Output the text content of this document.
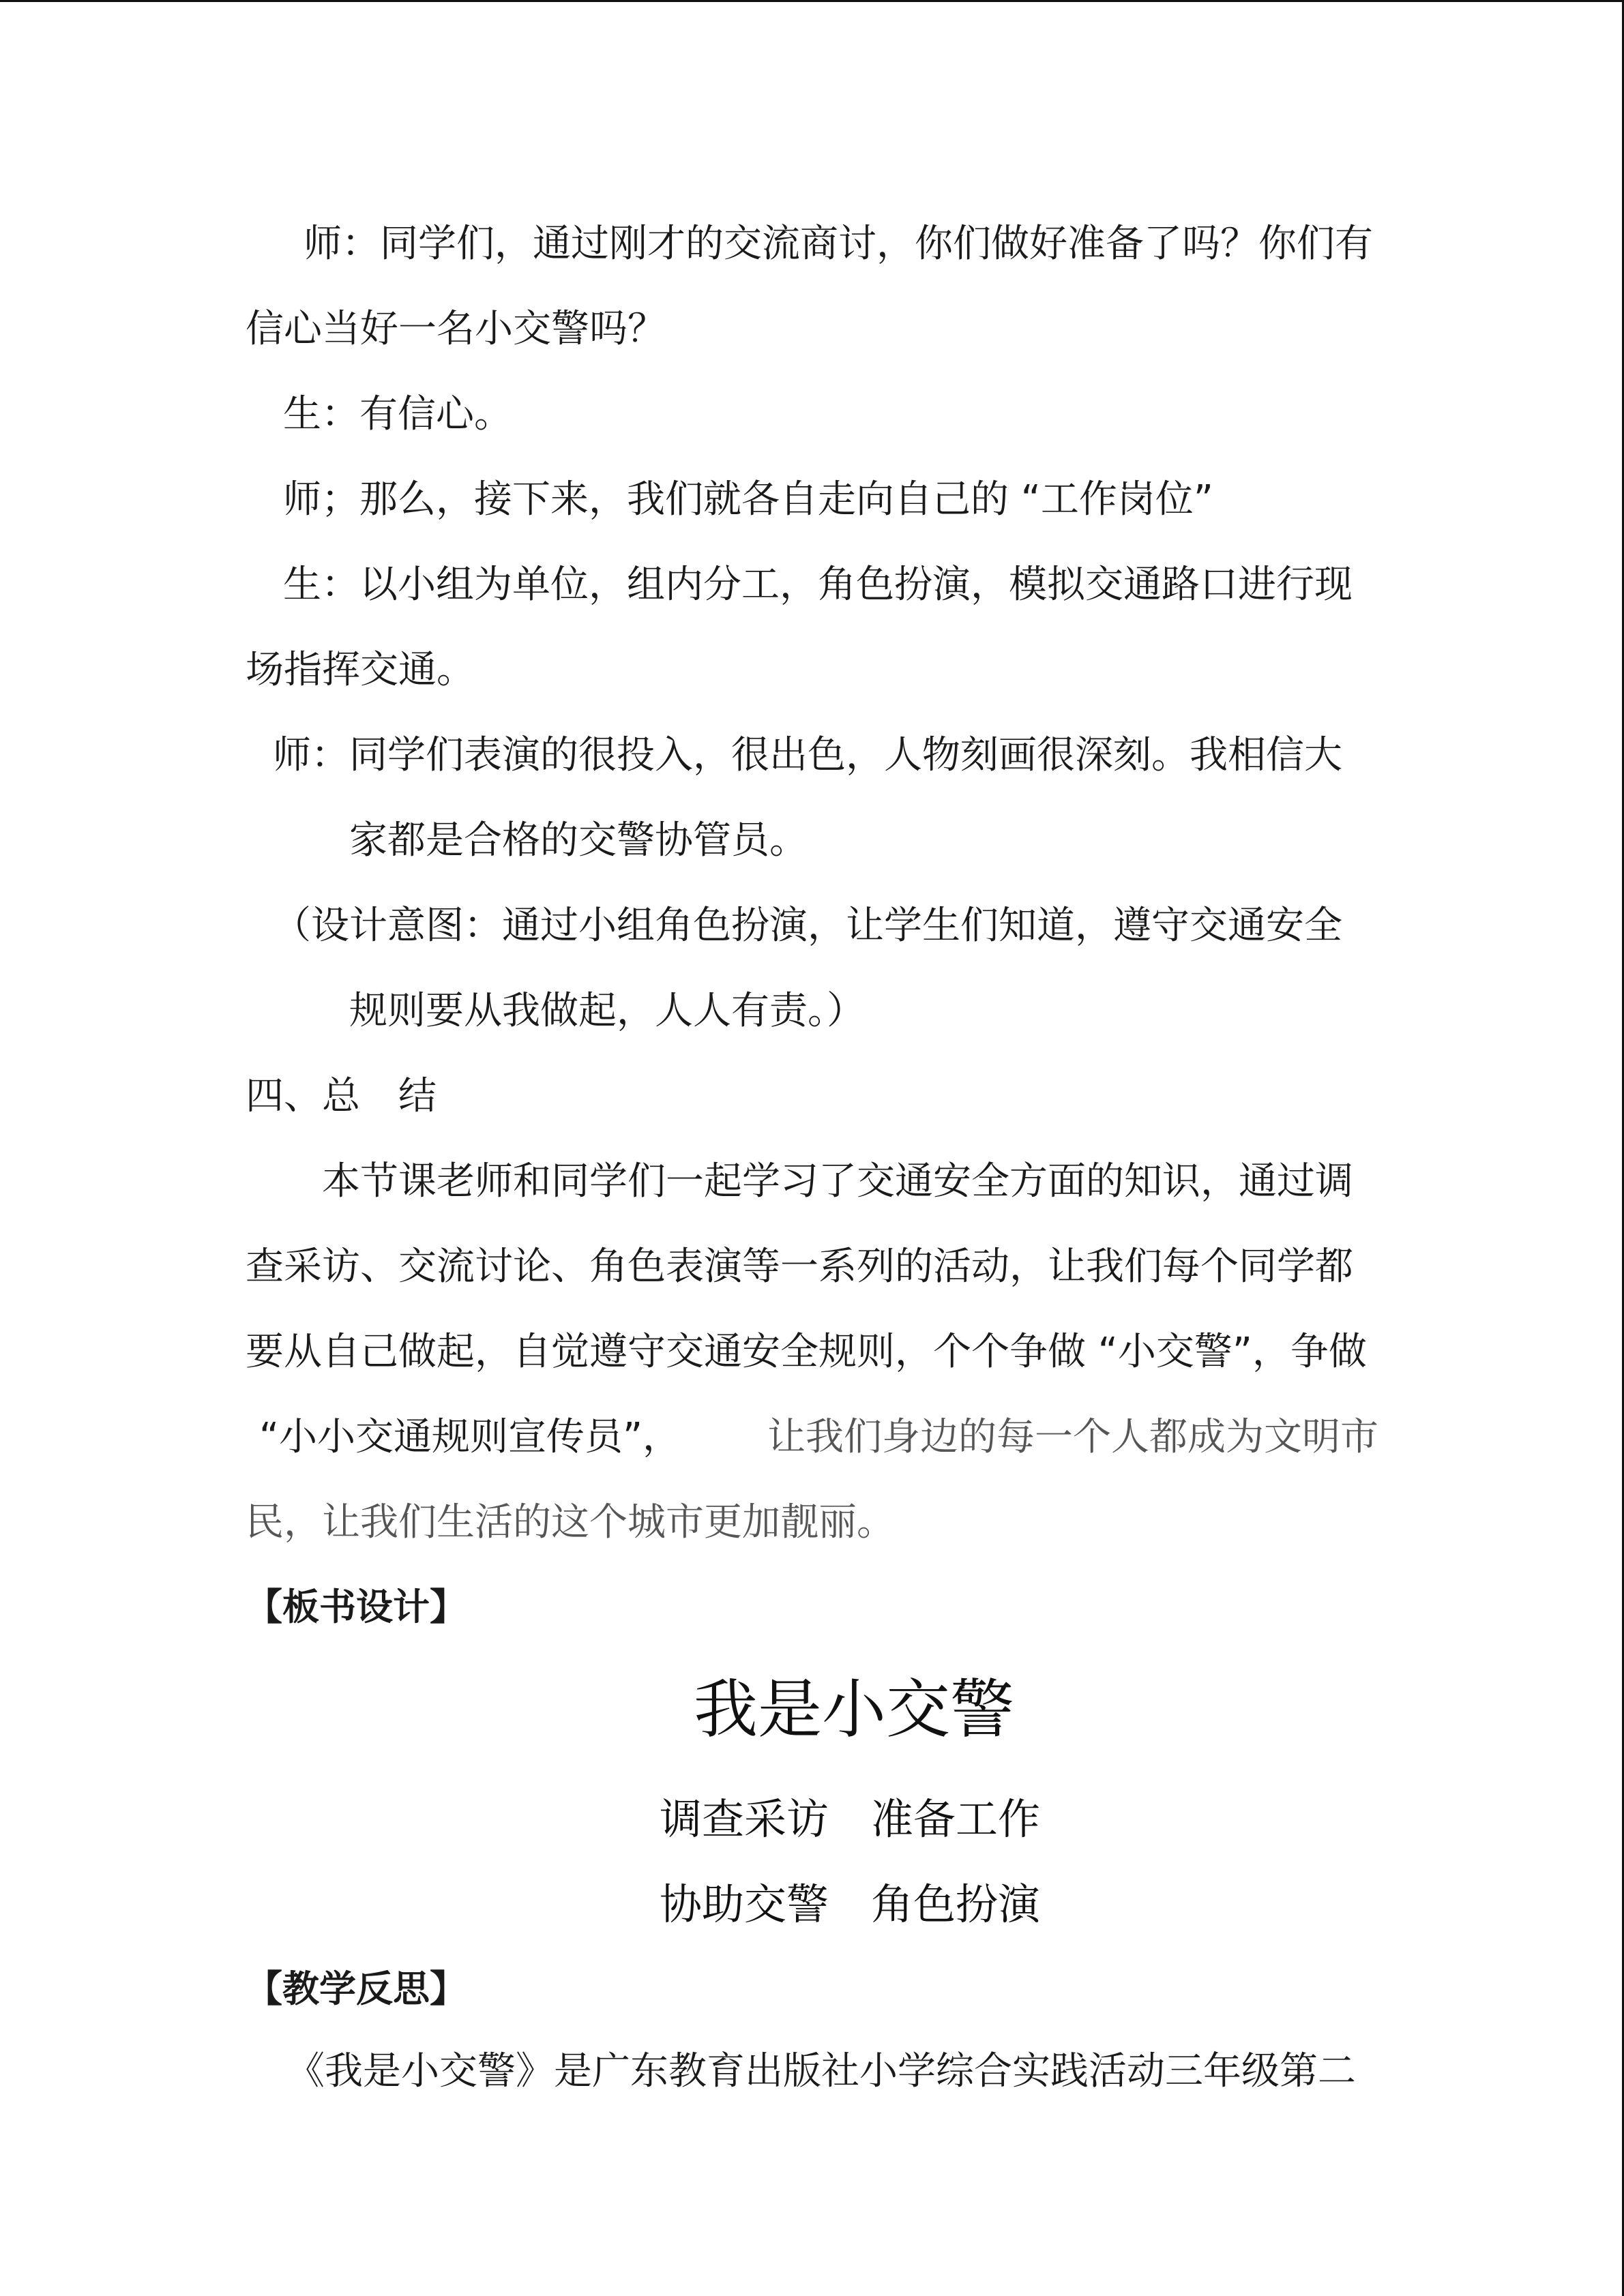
师：同学们，通过刚才的交流商讨，你们做好准备了吗？你们有
信心当好一名小交警吗？
生：有信心。
师；那么，接下来，我们就各自走向自己的 “工作岗位”
生：以小组为单位，组内分工，角色扮演，模拟交通路口进行现
场指挥交通。
师：同学们表演的很投入，很出色，人物刻画很深刻。我相信大
家都是合格的交警协管员。
（设计意图：通过小组角色扮演，让学生们知道，遵守交通安全
规则要从我做起，人人有责。）
四、总　结
本节课老师和同学们一起学习了交通安全方面的知识，通过调
查采访、交流讨论、角色表演等一系列的活动，让我们每个同学都
要从自己做起，自觉遵守交通安全规则，个个争做 “小交警”，争做
“小小交通规则宣传员”， 让我们身边的每一个人都成为文明市
民，让我们生活的这个城市更加靓丽。
【板书设计】
我是小交警
调查采访　准备工作
协助交警　角色扮演
【教学反思】
《我是小交警》是广东教育出版社小学综合实践活动三年级第二
